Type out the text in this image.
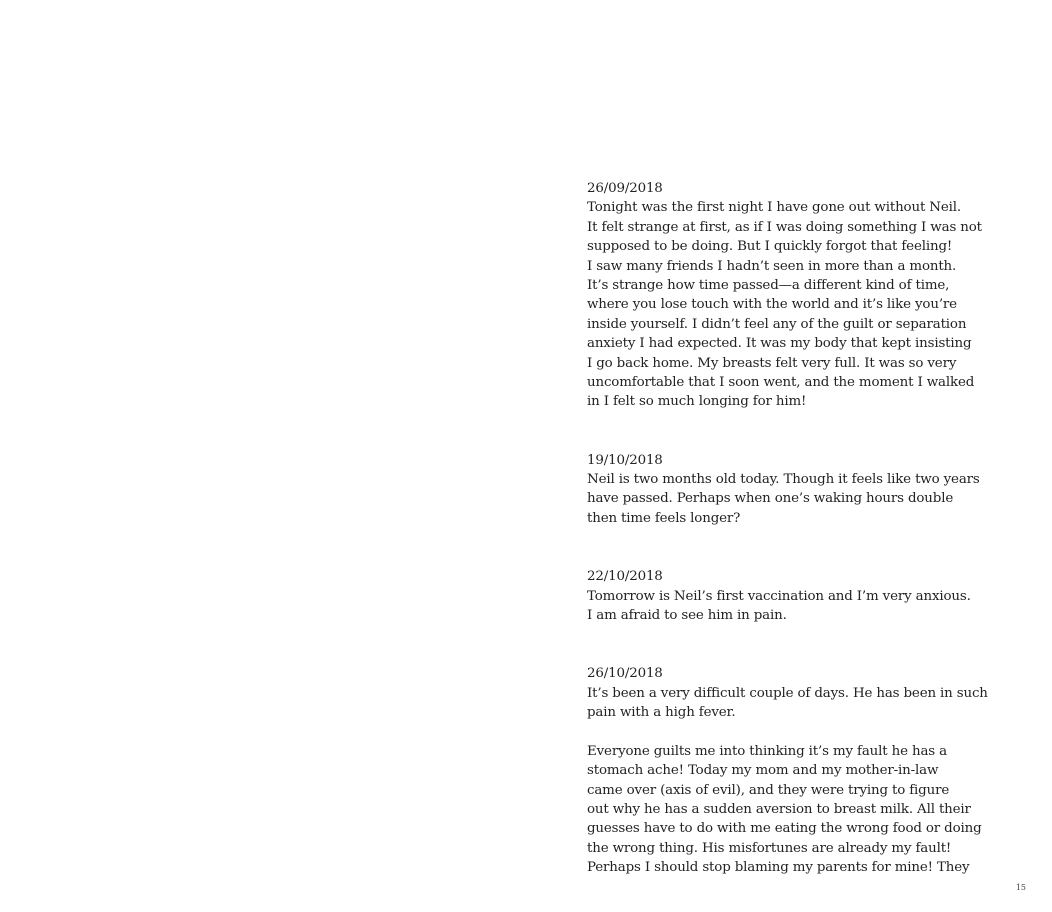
26/09/2018
Tonight was the first night I have gone out without Neil.
It felt strange at first, as if I was doing something I was not
supposed to be doing. But I quickly forgot that feeling!
I saw many friends I hadn’t seen in more than a month.
It’s strange how time passed—a different kind of time,
where you lose touch with the world and it’s like you’re
inside yourself. I didn’t feel any of the guilt or separation
anxiety I had expected. It was my body that kept insisting
I go back home. My breasts felt very full. It was so very
uncomfortable that I soon went, and the moment I walked
in I felt so much longing for him!
19/10/2018
Neil is two months old today. Though it feels like two years
have passed. Perhaps when one’s waking hours double
then time feels longer?
22/10/2018
Tomorrow is Neil’s first vaccination and I’m very anxious.
I am afraid to see him in pain.
26/10/2018
It’s been a very difficult couple of days. He has been in such
pain with a high fever.
Everyone guilts me into thinking it’s my fault he has a
stomach ache! Today my mom and my mother-in-law
came over (axis of evil), and they were trying to figure
out why he has a sudden aversion to breast milk. All their
guesses have to do with me eating the wrong food or doing
the wrong thing. His misfortunes are already my fault!
Perhaps I should stop blaming my parents for mine! They
15
